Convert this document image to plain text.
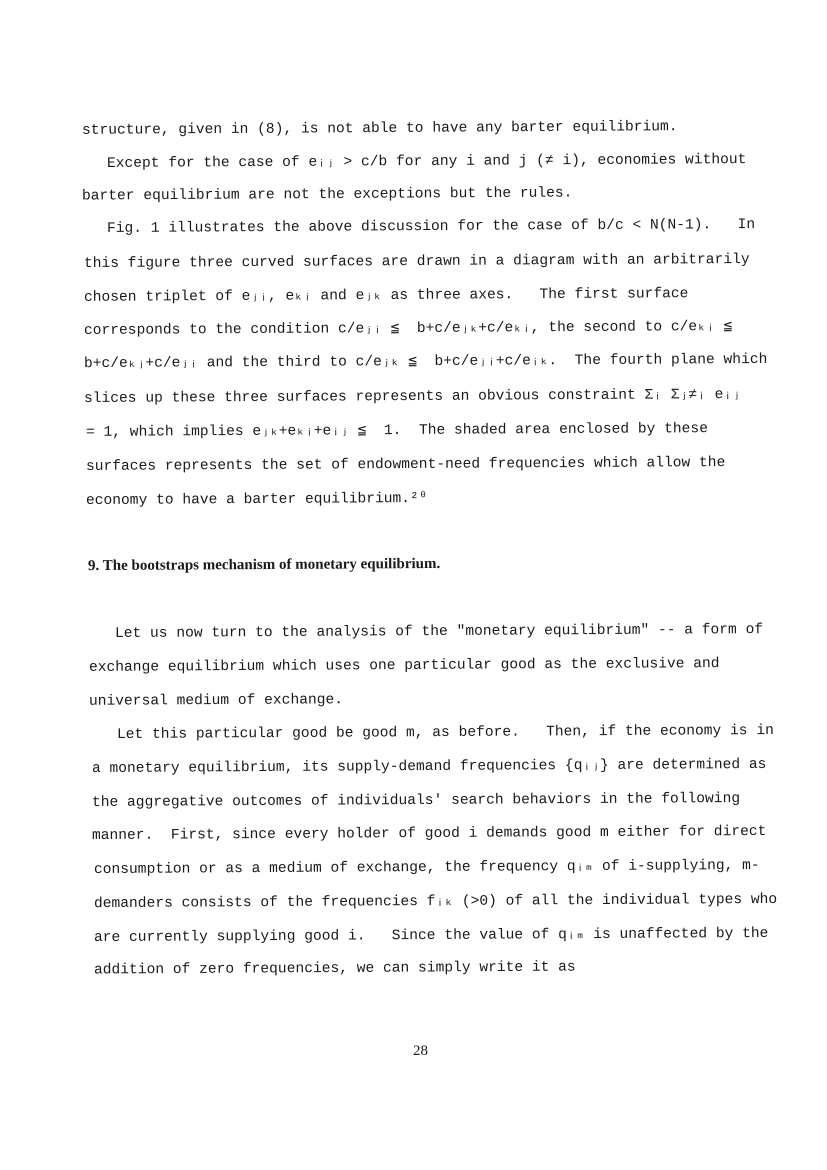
structure, given in (8), is not able to have any barter equilibrium.
Except for the case of eᵢⱼ > c/b for any i and j (≠ i), economies without
barter equilibrium are not the exceptions but the rules.
Fig. 1 illustrates the above discussion for the case of b/c < N(N-1).   In
this figure three curved surfaces are drawn in a diagram with an arbitrarily
chosen triplet of eⱼᵢ, eₖᵢ and eⱼₖ as three axes.   The first surface
corresponds to the condition c/eⱼᵢ ≦  b+c/eⱼₖ+c/eₖᵢ, the second to c/eₖᵢ ≦
b+c/eₖⱼ+c/eⱼᵢ and the third to c/eⱼₖ ≦  b+c/eⱼᵢ+c/eᵢₖ.  The fourth plane which
slices up these three surfaces represents an obvious constraint Σᵢ Σⱼ≠ᵢ eᵢⱼ
= 1, which implies eⱼₖ+eₖᵢ+eᵢⱼ ≦  1.  The shaded area enclosed by these
surfaces represents the set of endowment-need frequencies which allow the
economy to have a barter equilibrium.²⁰
9. The bootstraps mechanism of monetary equilibrium.
Let us now turn to the analysis of the "monetary equilibrium" -- a form of
exchange equilibrium which uses one particular good as the exclusive and
universal medium of exchange.
Let this particular good be good m, as before.   Then, if the economy is in
a monetary equilibrium, its supply-demand frequencies {qᵢⱼ} are determined as
the aggregative outcomes of individuals' search behaviors in the following
manner.  First, since every holder of good i demands good m either for direct
consumption or as a medium of exchange, the frequency qᵢₘ of i-supplying, m-
demanders consists of the frequencies fᵢₖ (>0) of all the individual types who
are currently supplying good i.   Since the value of qᵢₘ is unaffected by the
addition of zero frequencies, we can simply write it as
28
